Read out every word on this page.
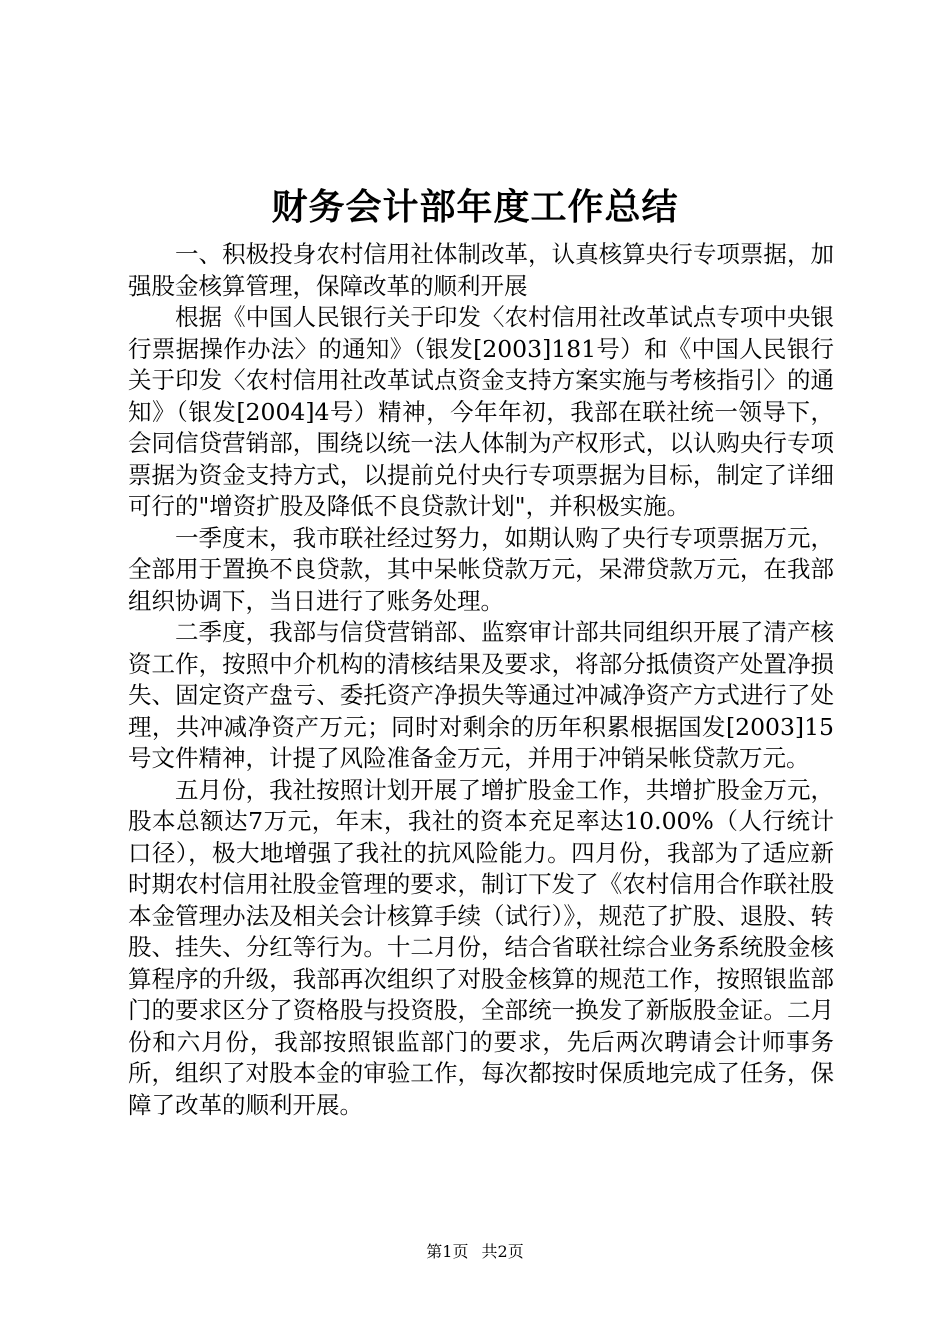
财务会计部年度工作总结

一、积极投身农村信用社体制改革，认真核算央行专项票据，加强股金核算管理，保障改革的顺利开展

根据《中国人民银行关于印发〈农村信用社改革试点专项中央银行票据操作办法〉的通知》（银发[2003]181号）和《中国人民银行关于印发〈农村信用社改革试点资金支持方案实施与考核指引〉的通知》（银发[2004]4号）精神，今年年初，我部在联社统一领导下，会同信贷营销部，围绕以统一法人体制为产权形式，以认购央行专项票据为资金支持方式，以提前兑付央行专项票据为目标，制定了详细可行的"增资扩股及降低不良贷款计划"，并积极实施。

一季度末，我市联社经过努力，如期认购了央行专项票据万元，全部用于置换不良贷款，其中呆帐贷款万元，呆滞贷款万元，在我部组织协调下，当日进行了账务处理。

二季度，我部与信贷营销部、监察审计部共同组织开展了清产核资工作，按照中介机构的清核结果及要求，将部分抵债资产处置净损失、固定资产盘亏、委托资产净损失等通过冲减净资产方式进行了处理，共冲减净资产万元；同时对剩余的历年积累根据国发[2003]15号文件精神，计提了风险准备金万元，并用于冲销呆帐贷款万元。

五月份，我社按照计划开展了增扩股金工作，共增扩股金万元，股本总额达7万元，年末，我社的资本充足率达10.00%（人行统计口径），极大地增强了我社的抗风险能力。四月份，我部为了适应新时期农村信用社股金管理的要求，制订下发了《农村信用合作联社股本金管理办法及相关会计核算手续（试行）》，规范了扩股、退股、转股、挂失、分红等行为。十二月份，结合省联社综合业务系统股金核算程序的升级，我部再次组织了对股金核算的规范工作，按照银监部门的要求区分了资格股与投资股，全部统一换发了新版股金证。二月份和六月份，我部按照银监部门的要求，先后两次聘请会计师事务所，组织了对股本金的审验工作，每次都按时保质地完成了任务，保障了改革的顺利开展。

第1页 共2页
